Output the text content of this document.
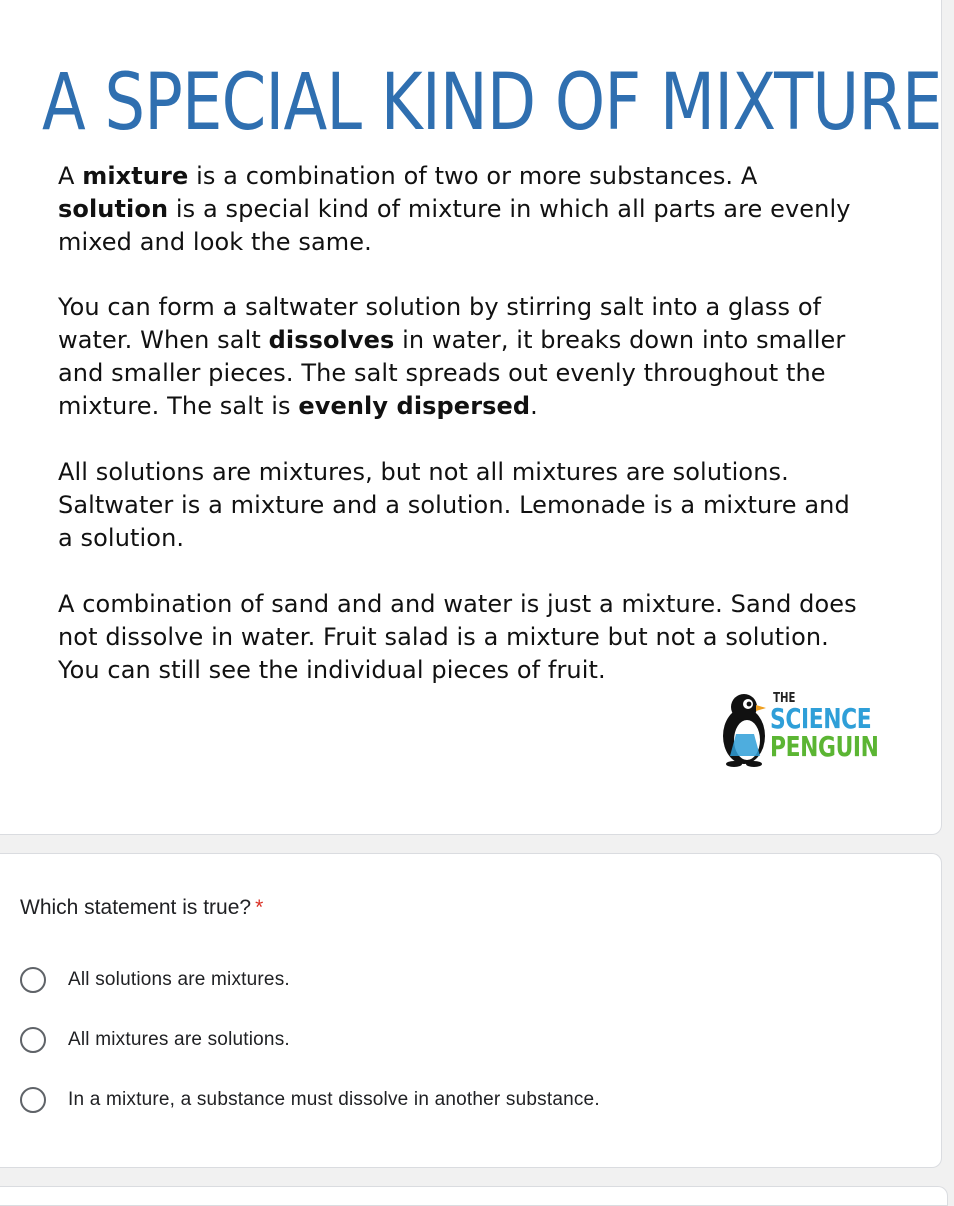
A SPECIAL KIND OF MIXTURE

A mixture is a combination of two or more substances. A solution is a special kind of mixture in which all parts are evenly mixed and look the same.

You can form a saltwater solution by stirring salt into a glass of water. When salt dissolves in water, it breaks down into smaller and smaller pieces. The salt spreads out evenly throughout the mixture. The salt is evenly dispersed.

All solutions are mixtures, but not all mixtures are solutions. Saltwater is a mixture and a solution. Lemonade is a mixture and a solution.

A combination of sand and and water is just a mixture. Sand does not dissolve in water. Fruit salad is a mixture but not a solution. You can still see the individual pieces of fruit.

THE
SCIENCE
PENGUIN
Which statement is true? *
All solutions are mixtures.
All mixtures are solutions.
In a mixture, a substance must dissolve in another substance.
